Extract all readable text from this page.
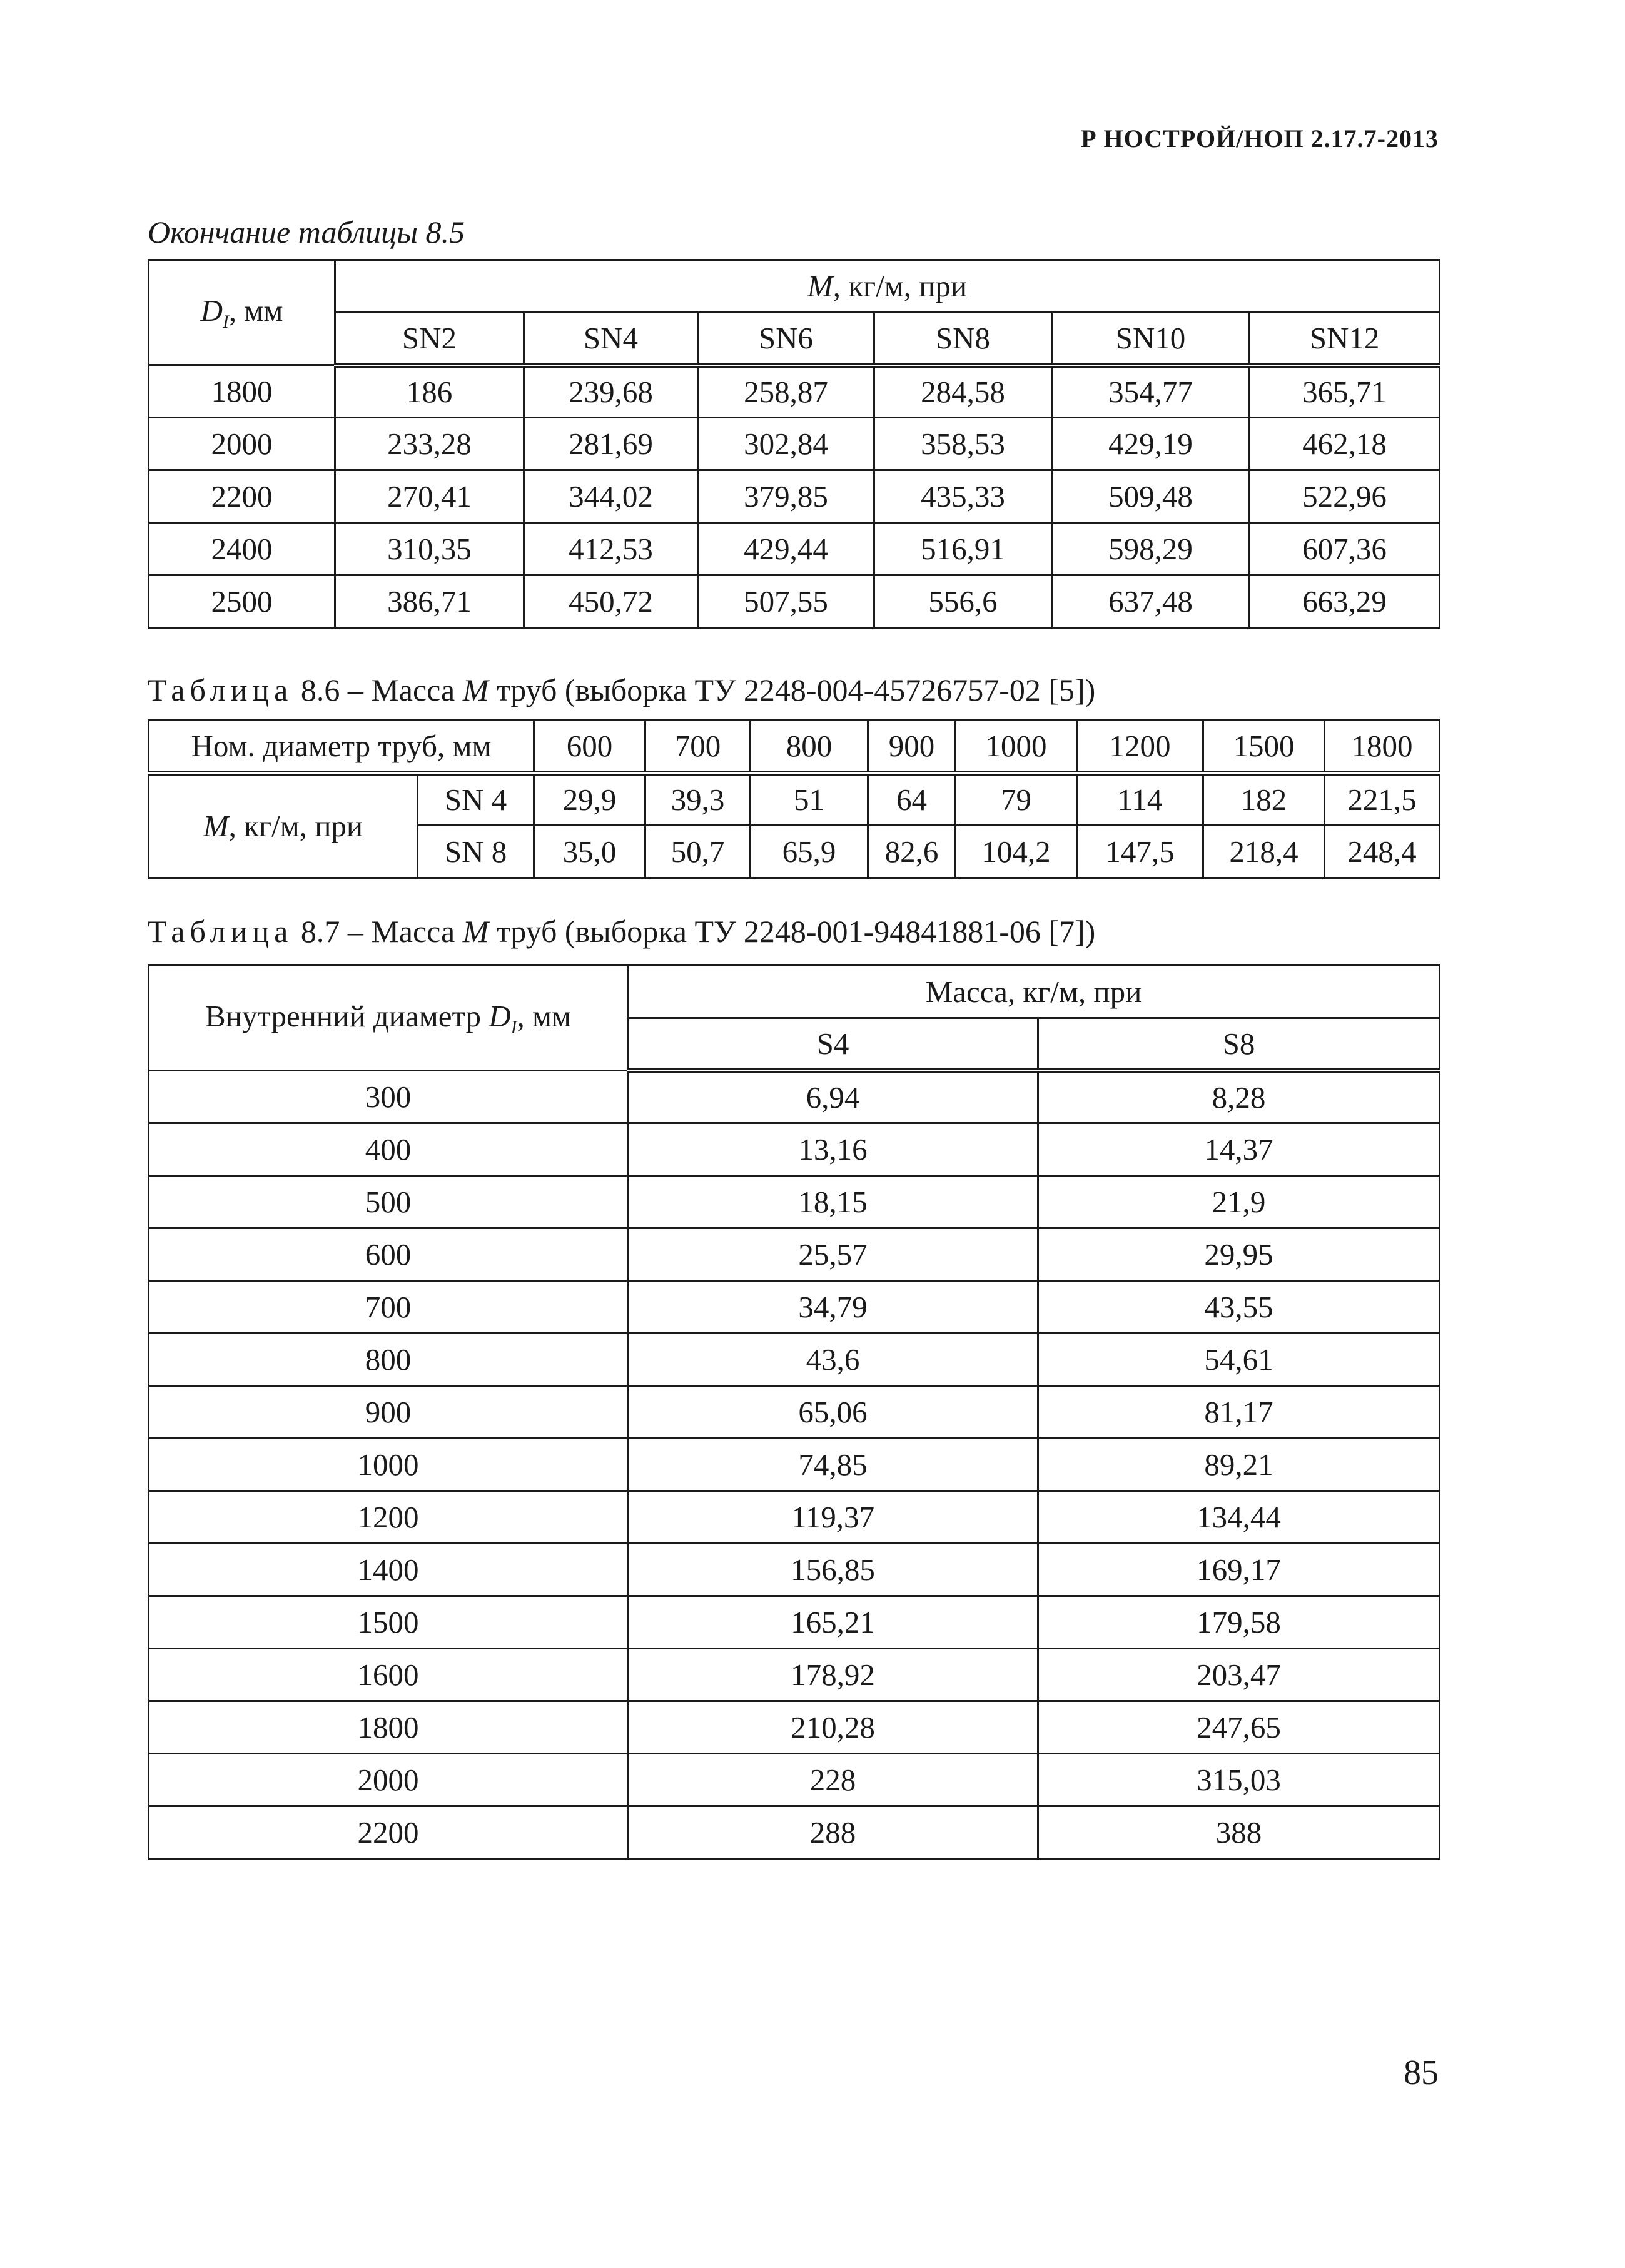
Р НОСТРОЙ/НОП 2.17.7-2013
Окончание таблицы 8.5
$D_I$, мм	M, кг/м, при					
	SN2	SN4	SN6	SN8	SN10	SN12
1800	186	239,68	258,87	284,58	354,77	365,71
2000	233,28	281,69	302,84	358,53	429,19	462,18
2200	270,41	344,02	379,85	435,33	509,48	522,96
2400	310,35	412,53	429,44	516,91	598,29	607,36
2500	386,71	450,72	507,55	556,6	637,48	663,29
Таблица 8.6 – Масса M труб (выборка ТУ 2248-004-45726757-02 [5])
Ном. диаметр труб, мм		600	700	800	900	1000	1200	1500	1800
M, кг/м, при	SN 4	29,9	39,3	51	64	79	114	182	221,5
	SN 8	35,0	50,7	65,9	82,6	104,2	147,5	218,4	248,4
Таблица 8.7 – Масса M труб (выборка ТУ 2248-001-94841881-06 [7])
Внутренний диаметр $D_I$, мм	Масса, кг/м, при	
	S4	S8
300	6,94	8,28
400	13,16	14,37
500	18,15	21,9
600	25,57	29,95
700	34,79	43,55
800	43,6	54,61
900	65,06	81,17
1000	74,85	89,21
1200	119,37	134,44
1400	156,85	169,17
1500	165,21	179,58
1600	178,92	203,47
1800	210,28	247,65
2000	228	315,03
2200	288	388
85
